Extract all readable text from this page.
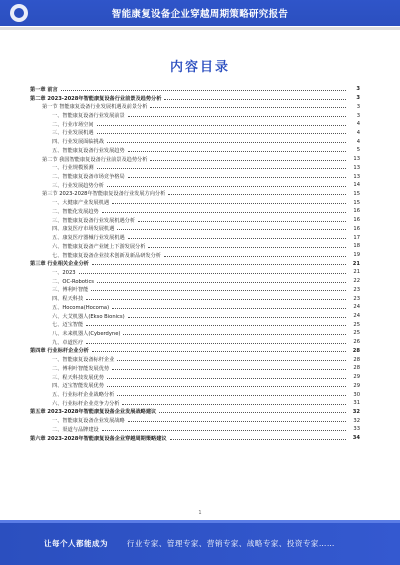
智能康复设备企业穿越周期策略研究报告
内容目录
第一章 前言	3
第二章 2023-2028年智能康复设备行业前景及趋势分析	3
第一节 智能康复设备行业发展机遇及前景分析	3
一、智能康复设备行业发展前景	3
二、行业市场空间	4
三、行业发展机遇	4
四、行业发展面临挑战	4
五、智能康复设备行业发展趋势	5
第二节 我国智能康复设备行业前景及趋势分析	13
一、行业规模预测	13
二、智能康复设备市场竞争格局	13
三、行业发展趋势分析	14
第三节 2023-2028年智能康复设备行业发展方向分析	15
一、大健康产业发展机遇	15
二、智能化发展趋势	16
三、智能康复设备行业发展机遇分析	16
四、康复医疗市场发展机遇	16
五、康复医疗器械行业发展机遇	17
六、智能康复设备产业链上下游发展分析	18
七、智能康复设备企业技术创新及新品研发分析	19
第三章 行业相关企业分析	21
一、2023	21
二、OC-Robotics	22
三、傅利叶智能	23
四、程天科技	23
五、Hocoma(Hocoma)	24
六、大艾机器人(Ekso Bionics)	24
七、迈宝智能	25
八、未来机器人(Cyberdyne)	25
九、卓道医疗	26
第四章 行业标杆企业分析	28
一、智能康复设备标杆企业	28
二、傅利叶智能发展优势	28
三、程天科技发展优势	29
四、迈宝智能发展优势	29
五、行业标杆企业战略分析	30
六、行业标杆企业竞争力分析	31
第五章 2023-2028年智能康复设备企业发展战略建议	32
一、智能康复设备企业发展战略	32
二、渠道与品牌建设	33
第六章 2023-2028年智能康复设备企业穿越周期策略建议	34
1
让每个人都能成为	行业专家、管理专家、营销专家、战略专家、投资专家……
